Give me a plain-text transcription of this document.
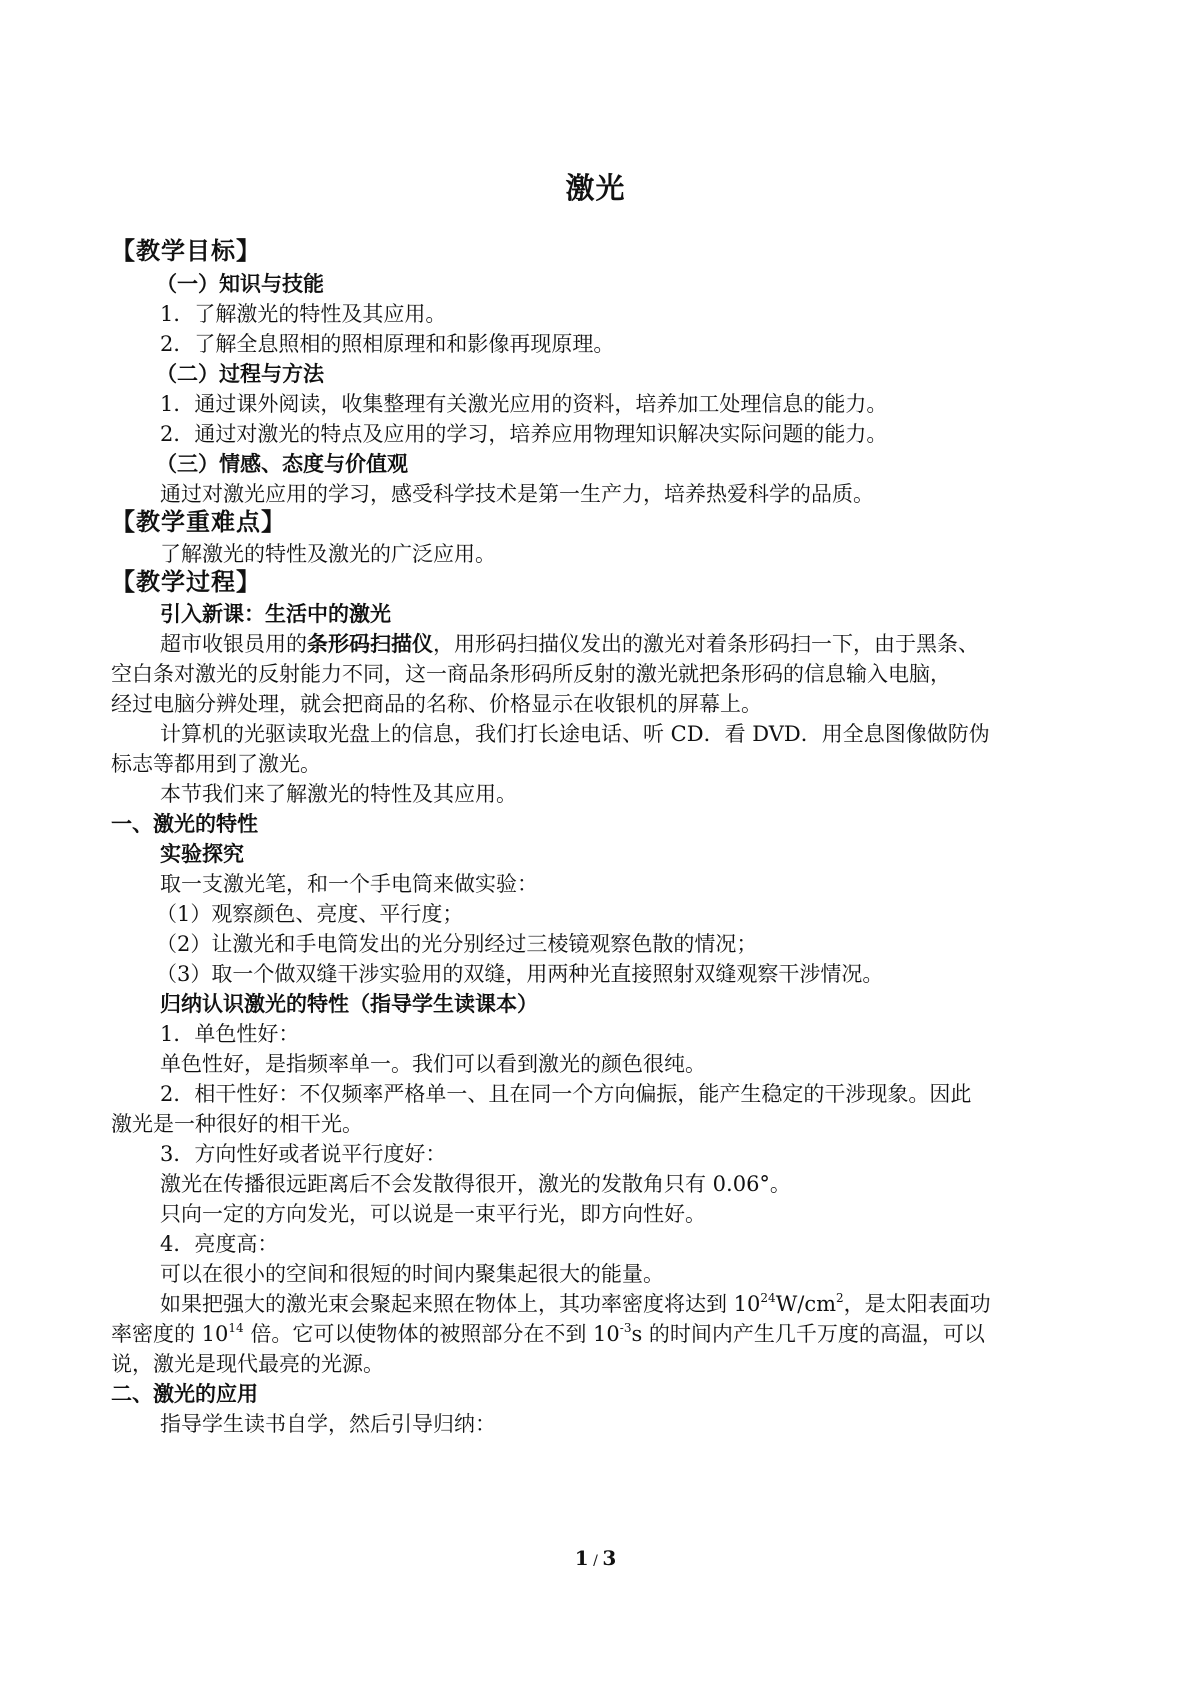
激光
【教学目标】
（一）知识与技能
1．了解激光的特性及其应用。
2．了解全息照相的照相原理和和影像再现原理。
（二）过程与方法
1．通过课外阅读，收集整理有关激光应用的资料，培养加工处理信息的能力。
2．通过对激光的特点及应用的学习，培养应用物理知识解决实际问题的能力。
（三）情感、态度与价值观
通过对激光应用的学习，感受科学技术是第一生产力，培养热爱科学的品质。
【教学重难点】
了解激光的特性及激光的广泛应用。
【教学过程】
引入新课：生活中的激光
超市收银员用的条形码扫描仪，用形码扫描仪发出的激光对着条形码扫一下，由于黑条、
空白条对激光的反射能力不同，这一商品条形码所反射的激光就把条形码的信息输入电脑，
经过电脑分辨处理，就会把商品的名称、价格显示在收银机的屏幕上。
计算机的光驱读取光盘上的信息，我们打长途电话、听 CD．看 DVD．用全息图像做防伪
标志等都用到了激光。
本节我们来了解激光的特性及其应用。
一、激光的特性
实验探究
取一支激光笔，和一个手电筒来做实验：
（1）观察颜色、亮度、平行度；
（2）让激光和手电筒发出的光分别经过三棱镜观察色散的情况；
（3）取一个做双缝干涉实验用的双缝，用两种光直接照射双缝观察干涉情况。
归纳认识激光的特性（指导学生读课本）
1．单色性好：
单色性好，是指频率单一。我们可以看到激光的颜色很纯。
2．相干性好：不仅频率严格单一、且在同一个方向偏振，能产生稳定的干涉现象。因此
激光是一种很好的相干光。
3．方向性好或者说平行度好：
激光在传播很远距离后不会发散得很开，激光的发散角只有 0.06°。
只向一定的方向发光，可以说是一束平行光，即方向性好。
4．亮度高：
可以在很小的空间和很短的时间内聚集起很大的能量。
如果把强大的激光束会聚起来照在物体上，其功率密度将达到 $10^{24}W/cm^2$，是太阳表面功
率密度的 $10^{14}$ 倍。它可以使物体的被照部分在不到 $10^{-3}s$ 的时间内产生几千万度的高温，可以
说，激光是现代最亮的光源。
二、激光的应用
指导学生读书自学，然后引导归纳：
1 / 3
